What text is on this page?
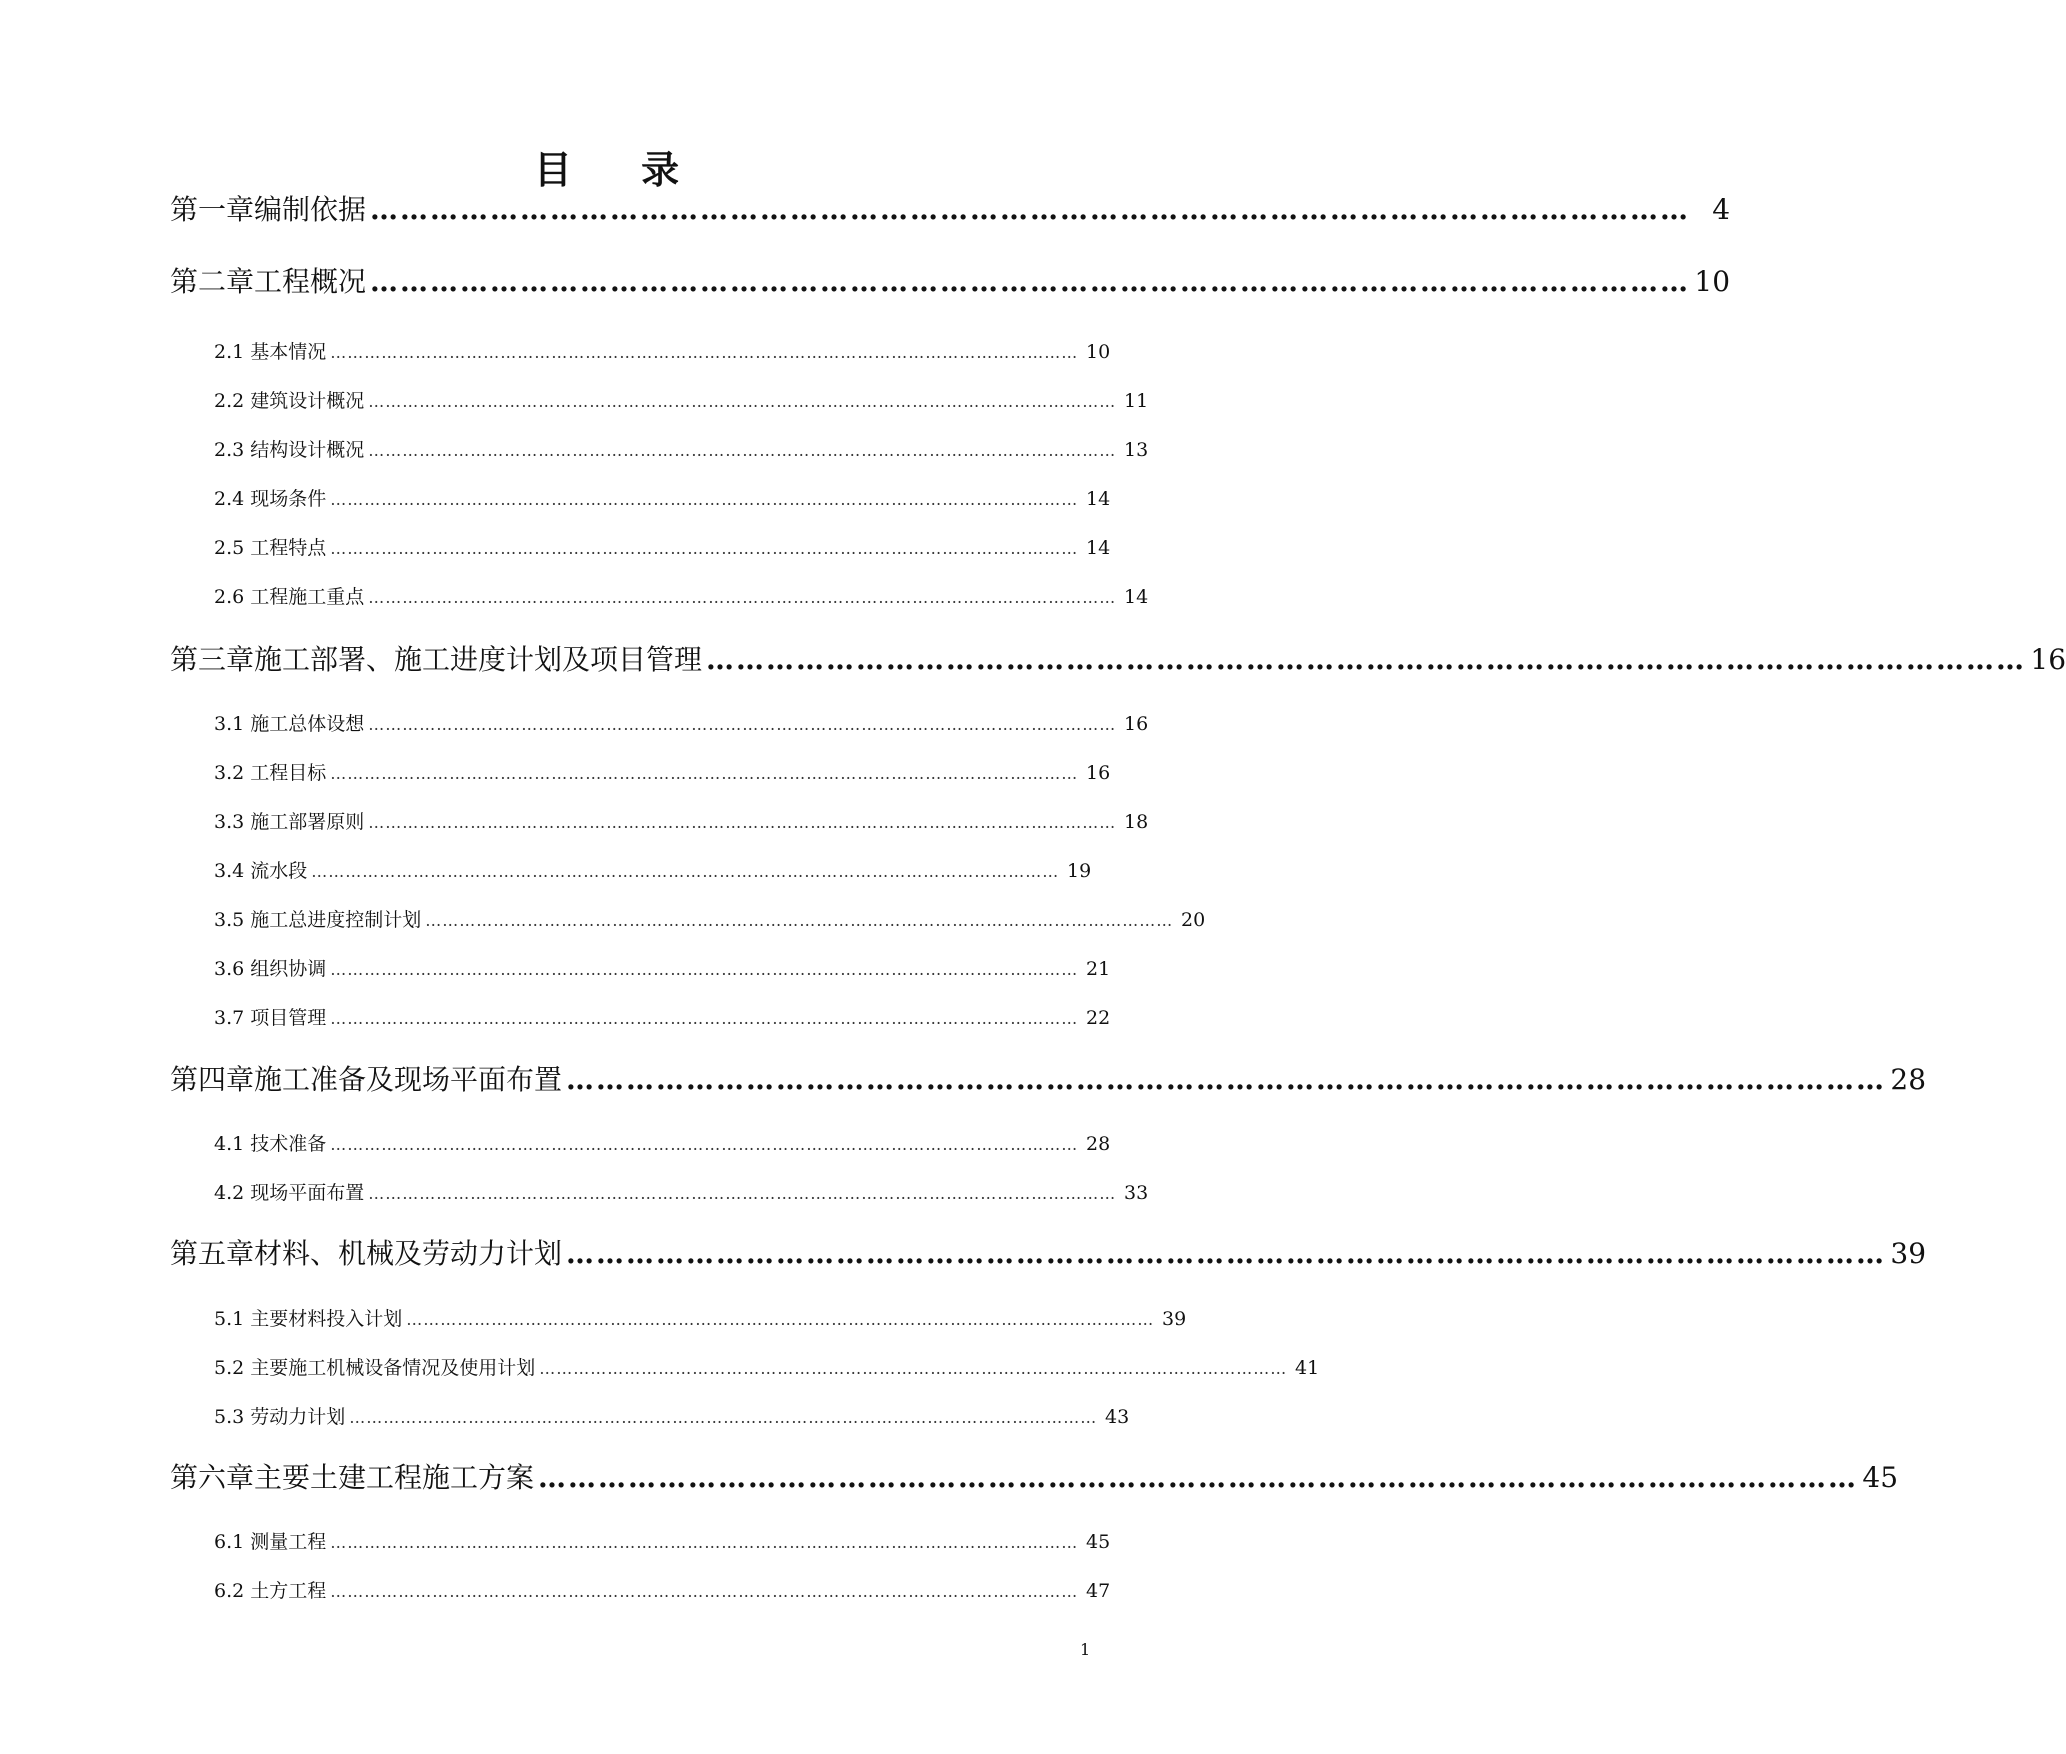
目 录
第一章 编制依据 …………………………………………………………………………………………………………………… 4
第二章 工程概况 …………………………………………………………………………………………………………………… 10
2.1 基本情况 …………………………………………………………………………………………………………………… 10
2.2 建筑设计概况 …………………………………………………………………………………………………………………… 11
2.3 结构设计概况 …………………………………………………………………………………………………………………… 13
2.4 现场条件 …………………………………………………………………………………………………………………… 14
2.5 工程特点 …………………………………………………………………………………………………………………… 14
2.6 工程施工重点 …………………………………………………………………………………………………………………… 14
第三章 施工部署、施工进度计划及项目管理 …………………………………………………………………………………………………………………… 16
3.1 施工总体设想 …………………………………………………………………………………………………………………… 16
3.2 工程目标 …………………………………………………………………………………………………………………… 16
3.3 施工部署原则 …………………………………………………………………………………………………………………… 18
3.4 流水段 …………………………………………………………………………………………………………………… 19
3.5 施工总进度控制计划 …………………………………………………………………………………………………………………… 20
3.6 组织协调 …………………………………………………………………………………………………………………… 21
3.7 项目管理 …………………………………………………………………………………………………………………… 22
第四章 施工准备及现场平面布置 …………………………………………………………………………………………………………………… 28
4.1 技术准备 …………………………………………………………………………………………………………………… 28
4.2 现场平面布置 …………………………………………………………………………………………………………………… 33
第五章 材料、机械及劳动力计划 …………………………………………………………………………………………………………………… 39
5.1 主要材料投入计划 …………………………………………………………………………………………………………………… 39
5.2 主要施工机械设备情况及使用计划 …………………………………………………………………………………………………………………… 41
5.3 劳动力计划 …………………………………………………………………………………………………………………… 43
第六章 主要土建工程施工方案 …………………………………………………………………………………………………………………… 45
6.1 测量工程 …………………………………………………………………………………………………………………… 45
6.2 土方工程 …………………………………………………………………………………………………………………… 47
1
